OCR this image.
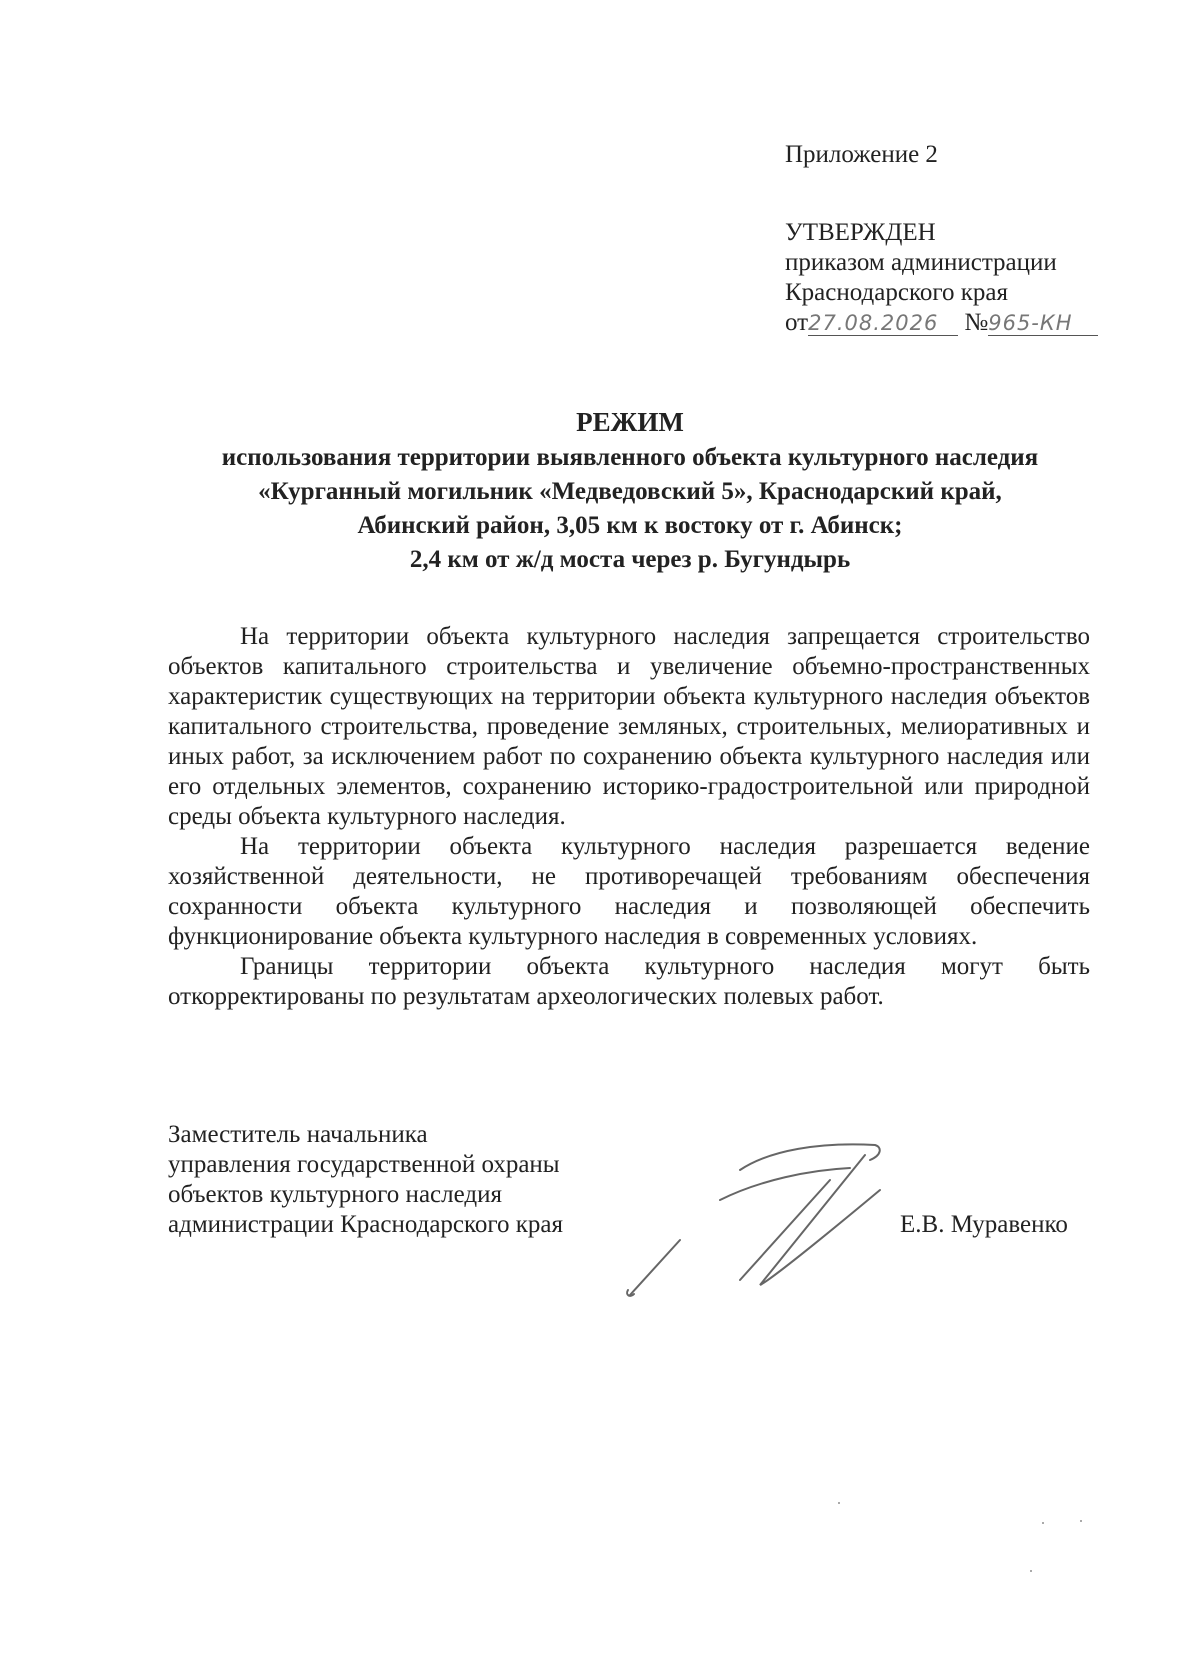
Приложение 2
УТВЕРЖДЕН
приказом администрации
Краснодарского края
от27.08.2026 №965-КН
РЕЖИМ
использования территории выявленного объекта культурного наследия
«Курганный могильник «Медведовский 5», Краснодарский край,
Абинский район, 3,05 км к востоку от г. Абинск;
2,4 км от ж/д моста через р. Бугундырь

На территории объекта культурного наследия запрещается строительство объектов капитального строительства и увеличение объемно-пространственных характеристик существующих на территории объекта культурного наследия объектов капитального строительства, проведение земляных, строительных, мелиоративных и иных работ, за исключением работ по сохранению объекта культурного наследия или его отдельных элементов, сохранению историко-градостроительной или природной среды объекта культурного наследия.

На территории объекта культурного наследия разрешается ведение хозяйственной деятельности, не противоречащей требованиям обеспечения сохранности объекта культурного наследия и позволяющей обеспечить функционирование объекта культурного наследия в современных условиях.

Границы территории объекта культурного наследия могут быть откорректированы по результатам археологических полевых работ.

Заместитель начальника
управления государственной охраны
объектов культурного наследия
администрации Краснодарского края	Е.В. Муравенко
